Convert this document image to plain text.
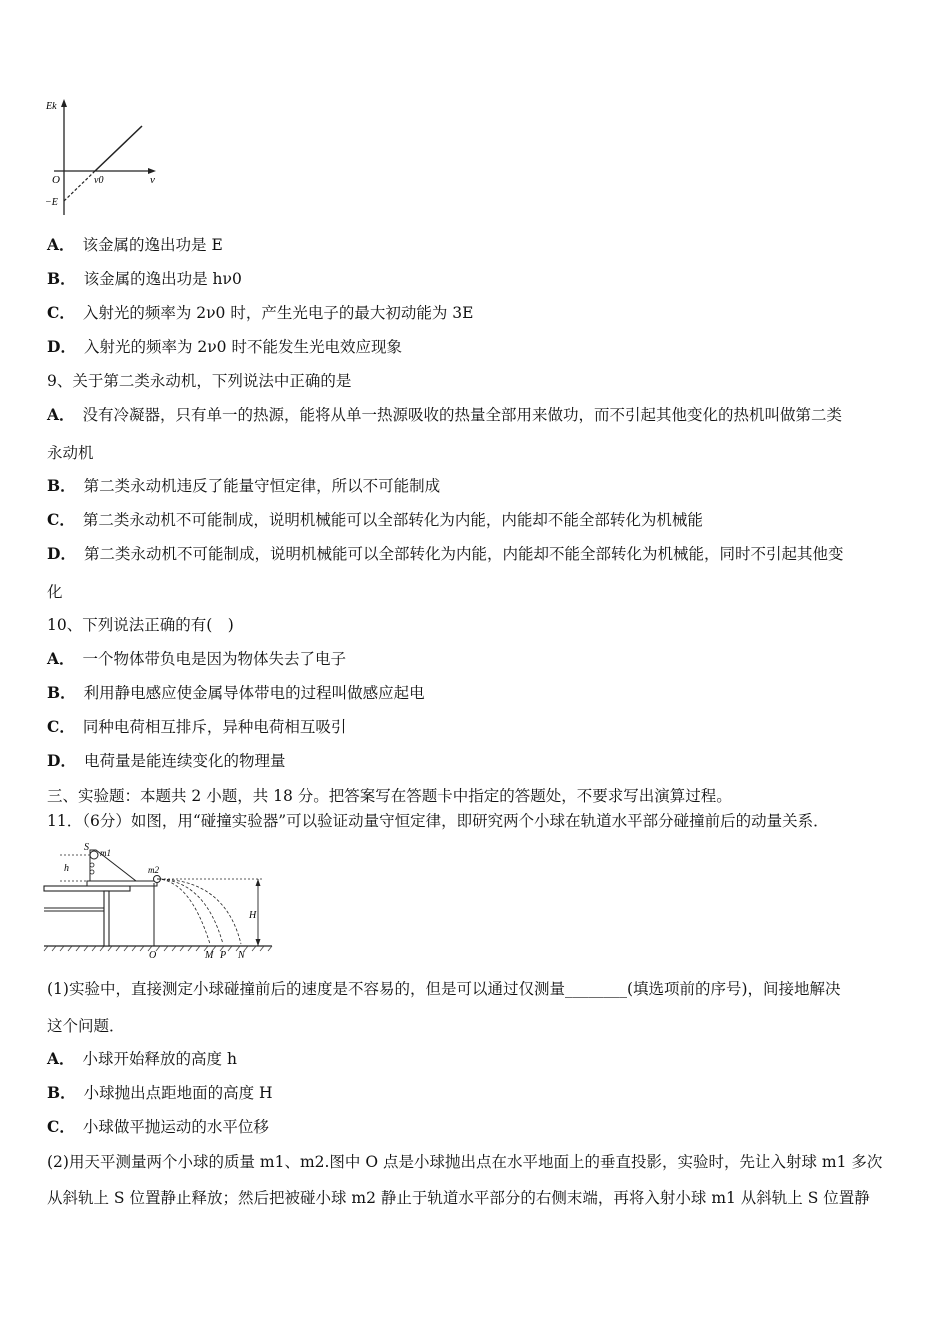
Ek
O	ν0	ν
−E
A． 该金属的逸出功是 E
B． 该金属的逸出功是 hν0
C． 入射光的频率为 2ν0 时，产生光电子的最大初动能为 3E
D． 入射光的频率为 2ν0 时不能发生光电效应现象
9、关于第二类永动机，下列说法中正确的是
A． 没有冷凝器，只有单一的热源，能将从单一热源吸收的热量全部用来做功，而不引起其他变化的热机叫做第二类
永动机
B． 第二类永动机违反了能量守恒定律，所以不可能制成
C． 第二类永动机不可能制成，说明机械能可以全部转化为内能，内能却不能全部转化为机械能
D． 第二类永动机不可能制成，说明机械能可以全部转化为内能，内能却不能全部转化为机械能，同时不引起其他变
化
10、下列说法正确的有(　)
A． 一个物体带负电是因为物体失去了电子
B． 利用静电感应使金属导体带电的过程叫做感应起电
C． 同种电荷相互排斥，异种电荷相互吸引
D． 电荷量是能连续变化的物理量
三、实验题：本题共 2 小题，共 18 分。把答案写在答题卡中指定的答题处，不要求写出演算过程。
11．（6分）如图，用“碰撞实验器”可以验证动量守恒定律，即研究两个小球在轨道水平部分碰撞前后的动量关系．
S m1
h	m2
H
O	M P N
(1)实验中，直接测定小球碰撞前后的速度是不容易的，但是可以通过仅测量________(填选项前的序号)，间接地解决
这个问题．
A． 小球开始释放的高度 h
B． 小球抛出点距地面的高度 H
C． 小球做平抛运动的水平位移
(2)用天平测量两个小球的质量 m1、m2.图中 O 点是小球抛出点在水平地面上的垂直投影，实验时，先让入射球 m1 多次
从斜轨上 S 位置静止释放；然后把被碰小球 m2 静止于轨道水平部分的右侧末端，再将入射小球 m1 从斜轨上 S 位置静
